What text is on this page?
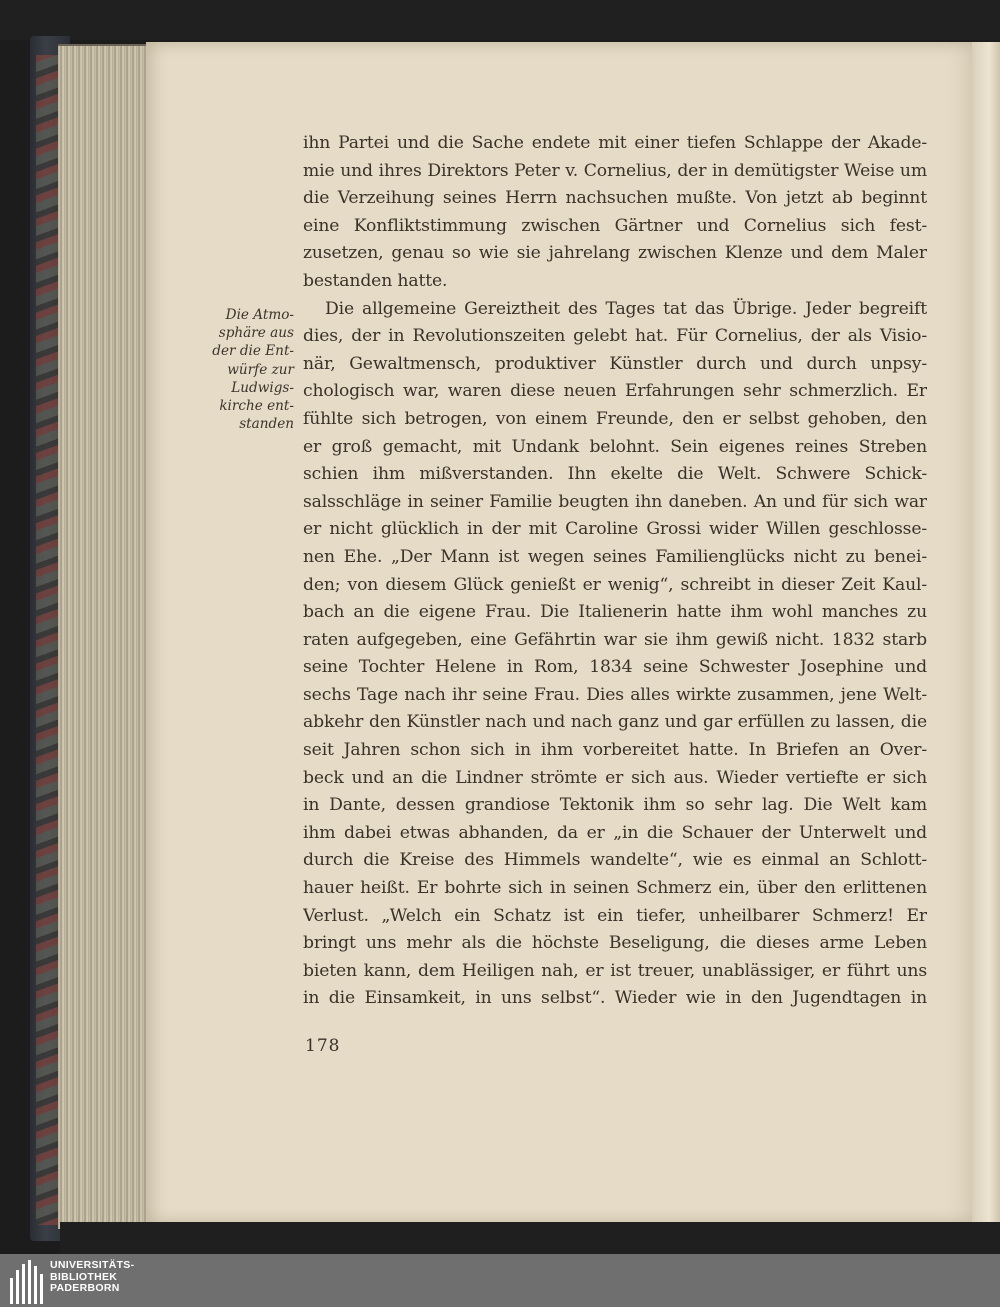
ihn Partei und die Sache endete mit einer tiefen Schlappe der Akade-
mie und ihres Direktors Peter v. Cornelius, der in demütigster Weise um
die Verzeihung seines Herrn nachsuchen mußte. Von jetzt ab beginnt
eine Konfliktstimmung zwischen Gärtner und Cornelius sich fest-
zusetzen, genau so wie sie jahrelang zwischen Klenze und dem Maler
bestanden hatte.
Die allgemeine Gereiztheit des Tages tat das Übrige. Jeder begreift
dies, der in Revolutionszeiten gelebt hat. Für Cornelius, der als Visio-
när, Gewaltmensch, produktiver Künstler durch und durch unpsy-
chologisch war, waren diese neuen Erfahrungen sehr schmerzlich. Er
fühlte sich betrogen, von einem Freunde, den er selbst gehoben, den
er groß gemacht, mit Undank belohnt. Sein eigenes reines Streben
schien ihm mißverstanden. Ihn ekelte die Welt. Schwere Schick-
salsschläge in seiner Familie beugten ihn daneben. An und für sich war
er nicht glücklich in der mit Caroline Grossi wider Willen geschlosse-
nen Ehe. „Der Mann ist wegen seines Familienglücks nicht zu benei-
den; von diesem Glück genießt er wenig“, schreibt in dieser Zeit Kaul-
bach an die eigene Frau. Die Italienerin hatte ihm wohl manches zu
raten aufgegeben, eine Gefährtin war sie ihm gewiß nicht. 1832 starb
seine Tochter Helene in Rom, 1834 seine Schwester Josephine und
sechs Tage nach ihr seine Frau. Dies alles wirkte zusammen, jene Welt-
abkehr den Künstler nach und nach ganz und gar erfüllen zu lassen, die
seit Jahren schon sich in ihm vorbereitet hatte. In Briefen an Over-
beck und an die Lindner strömte er sich aus. Wieder vertiefte er sich
in Dante, dessen grandiose Tektonik ihm so sehr lag. Die Welt kam
ihm dabei etwas abhanden, da er „in die Schauer der Unterwelt und
durch die Kreise des Himmels wandelte“, wie es einmal an Schlott-
hauer heißt. Er bohrte sich in seinen Schmerz ein, über den erlittenen
Verlust. „Welch ein Schatz ist ein tiefer, unheilbarer Schmerz! Er
bringt uns mehr als die höchste Beseligung, die dieses arme Leben
bieten kann, dem Heiligen nah, er ist treuer, unablässiger, er führt uns
in die Einsamkeit, in uns selbst“. Wieder wie in den Jugendtagen in
Die Atmo-
sphäre aus
der die Ent-
würfe zur
Ludwigs-
kirche ent-
standen
178
UNIVERSITÄTS-
BIBLIOTHEK
PADERBORN
